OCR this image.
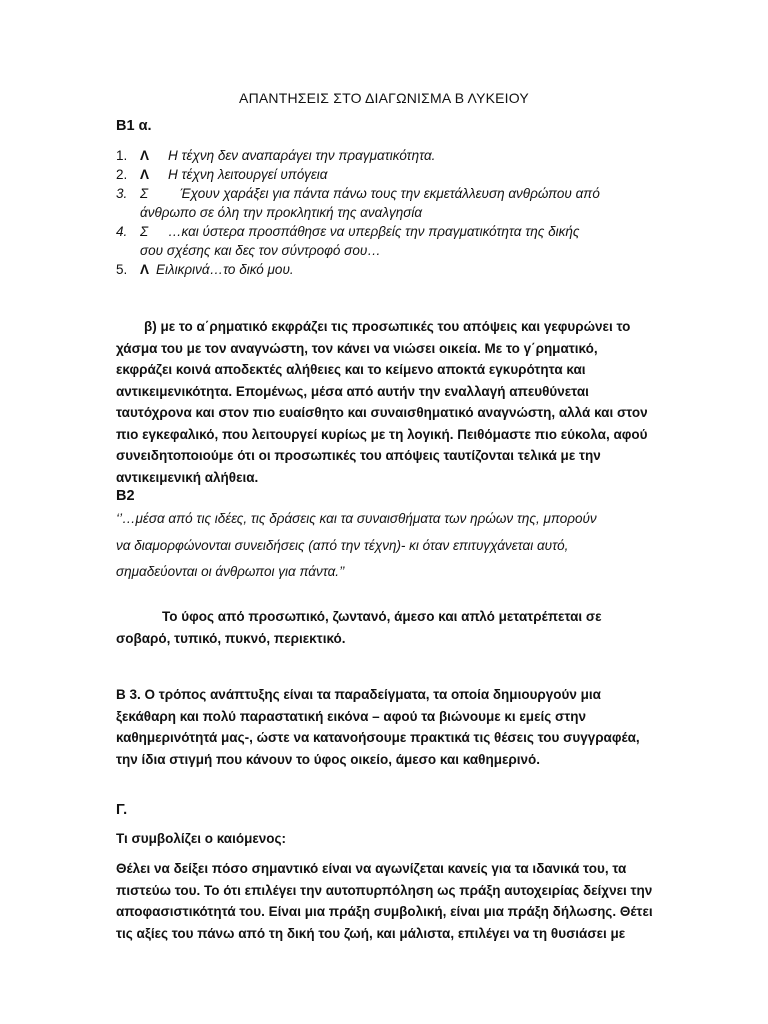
ΑΠΑΝΤΗΣΕΙΣ ΣΤΟ ΔΙΑΓΩΝΙΣΜΑ Β ΛΥΚΕΙΟΥ
Β1 α.
1. Λ	Η τέχνη δεν αναπαράγει την πραγματικότητα.
2. Λ	Η τέχνη λειτουργεί υπόγεια
3. Σ	Έχουν χαράξει για πάντα πάνω τους την εκμετάλλευση ανθρώπου από
άνθρωπο σε όλη την προκλητική της αναλγησία
4. Σ	…και ύστερα προσπάθησε να υπερβείς την πραγματικότητα της δικής
σου σχέσης και δες τον σύντροφό σου…
5. Λ Ειλικρινά…το δικό μου.
β) με το α΄ρηματικό εκφράζει τις προσωπικές του απόψεις και γεφυρώνει το
χάσμα του με τον αναγνώστη, τον κάνει να νιώσει οικεία. Με το γ΄ρηματικό,
εκφράζει κοινά αποδεκτές αλήθειες και το κείμενο αποκτά εγκυρότητα και
αντικειμενικότητα. Επομένως, μέσα από αυτήν την εναλλαγή απευθύνεται
ταυτόχρονα και στον πιο ευαίσθητο και συναισθηματικό αναγνώστη, αλλά και στον
πιο εγκεφαλικό, που λειτουργεί κυρίως με τη λογική. Πειθόμαστε πιο εύκολα, αφού
συνειδητοποιούμε ότι οι προσωπικές του απόψεις ταυτίζονται τελικά με την
αντικειμενική αλήθεια.
Β2
‘’…μέσα από τις ιδέες, τις δράσεις και τα συναισθήματα των ηρώων της, μπορούν
να διαμορφώνονται συνειδήσεις (από την τέχνη)- κι όταν επιτυγχάνεται αυτό,
σημαδεύονται οι άνθρωποι για πάντα.’’
Το ύφος από προσωπικό, ζωντανό, άμεσο και απλό μετατρέπεται σε
σοβαρό, τυπικό, πυκνό, περιεκτικό.
Β 3. Ο τρόπος ανάπτυξης είναι τα παραδείγματα, τα οποία δημιουργούν μια
ξεκάθαρη και πολύ παραστατική εικόνα – αφού τα βιώνουμε κι εμείς στην
καθημερινότητά μας-, ώστε να κατανοήσουμε πρακτικά τις θέσεις του συγγραφέα,
την ίδια στιγμή που κάνουν το ύφος οικείο, άμεσο και καθημερινό.
Γ.
Τι συμβολίζει ο καιόμενος:
Θέλει να δείξει πόσο σημαντικό είναι να αγωνίζεται κανείς για τα ιδανικά του, τα
πιστεύω του. Το ότι επιλέγει την αυτοπυρπόληση ως πράξη αυτοχειρίας δείχνει την
αποφασιστικότητά του. Είναι μια πράξη συμβολική, είναι μια πράξη δήλωσης. Θέτει
τις αξίες του πάνω από τη δική του ζωή, και μάλιστα, επιλέγει να τη θυσιάσει με
